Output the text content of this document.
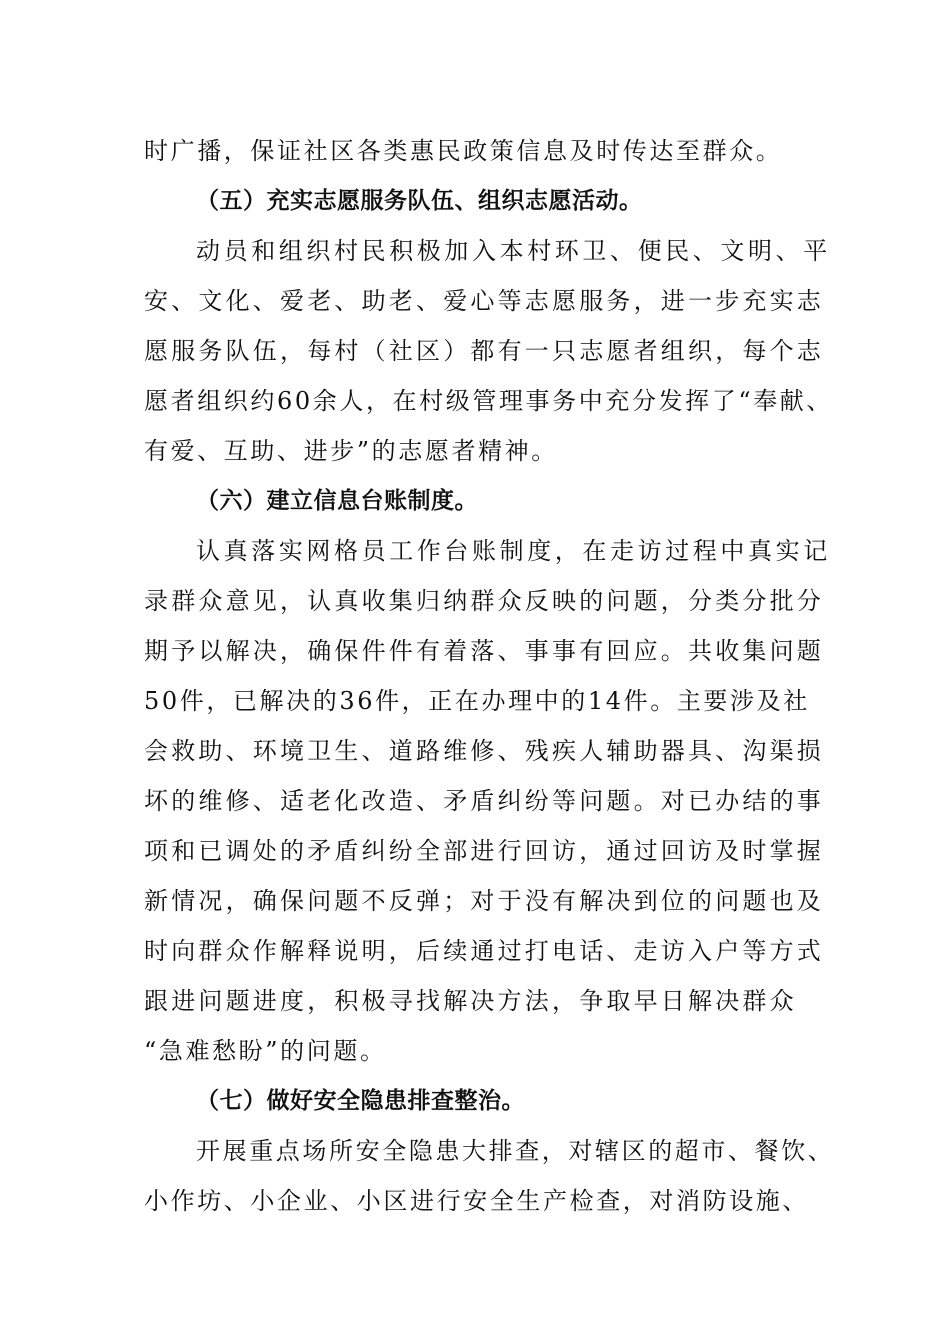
时广播，保证社区各类惠民政策信息及时传达至群众。
（五）充实志愿服务队伍、组织志愿活动。
动员和组织村民积极加入本村环卫、便民、文明、平
安、文化、爱老、助老、爱心等志愿服务，进一步充实志
愿服务队伍，每村（社区）都有一只志愿者组织，每个志
愿者组织约60余人，在村级管理事务中充分发挥了“奉献、
有爱、互助、进步”的志愿者精神。
（六）建立信息台账制度。
认真落实网格员工作台账制度，在走访过程中真实记
录群众意见，认真收集归纳群众反映的问题，分类分批分
期予以解决，确保件件有着落、事事有回应。共收集问题
50件，已解决的36件，正在办理中的14件。主要涉及社
会救助、环境卫生、道路维修、残疾人辅助器具、沟渠损
坏的维修、适老化改造、矛盾纠纷等问题。对已办结的事
项和已调处的矛盾纠纷全部进行回访，通过回访及时掌握
新情况，确保问题不反弹；对于没有解决到位的问题也及
时向群众作解释说明，后续通过打电话、走访入户等方式
跟进问题进度，积极寻找解决方法，争取早日解决群众
“急难愁盼”的问题。
（七）做好安全隐患排查整治。
开展重点场所安全隐患大排查，对辖区的超市、餐饮、
小作坊、小企业、小区进行安全生产检查，对消防设施、
